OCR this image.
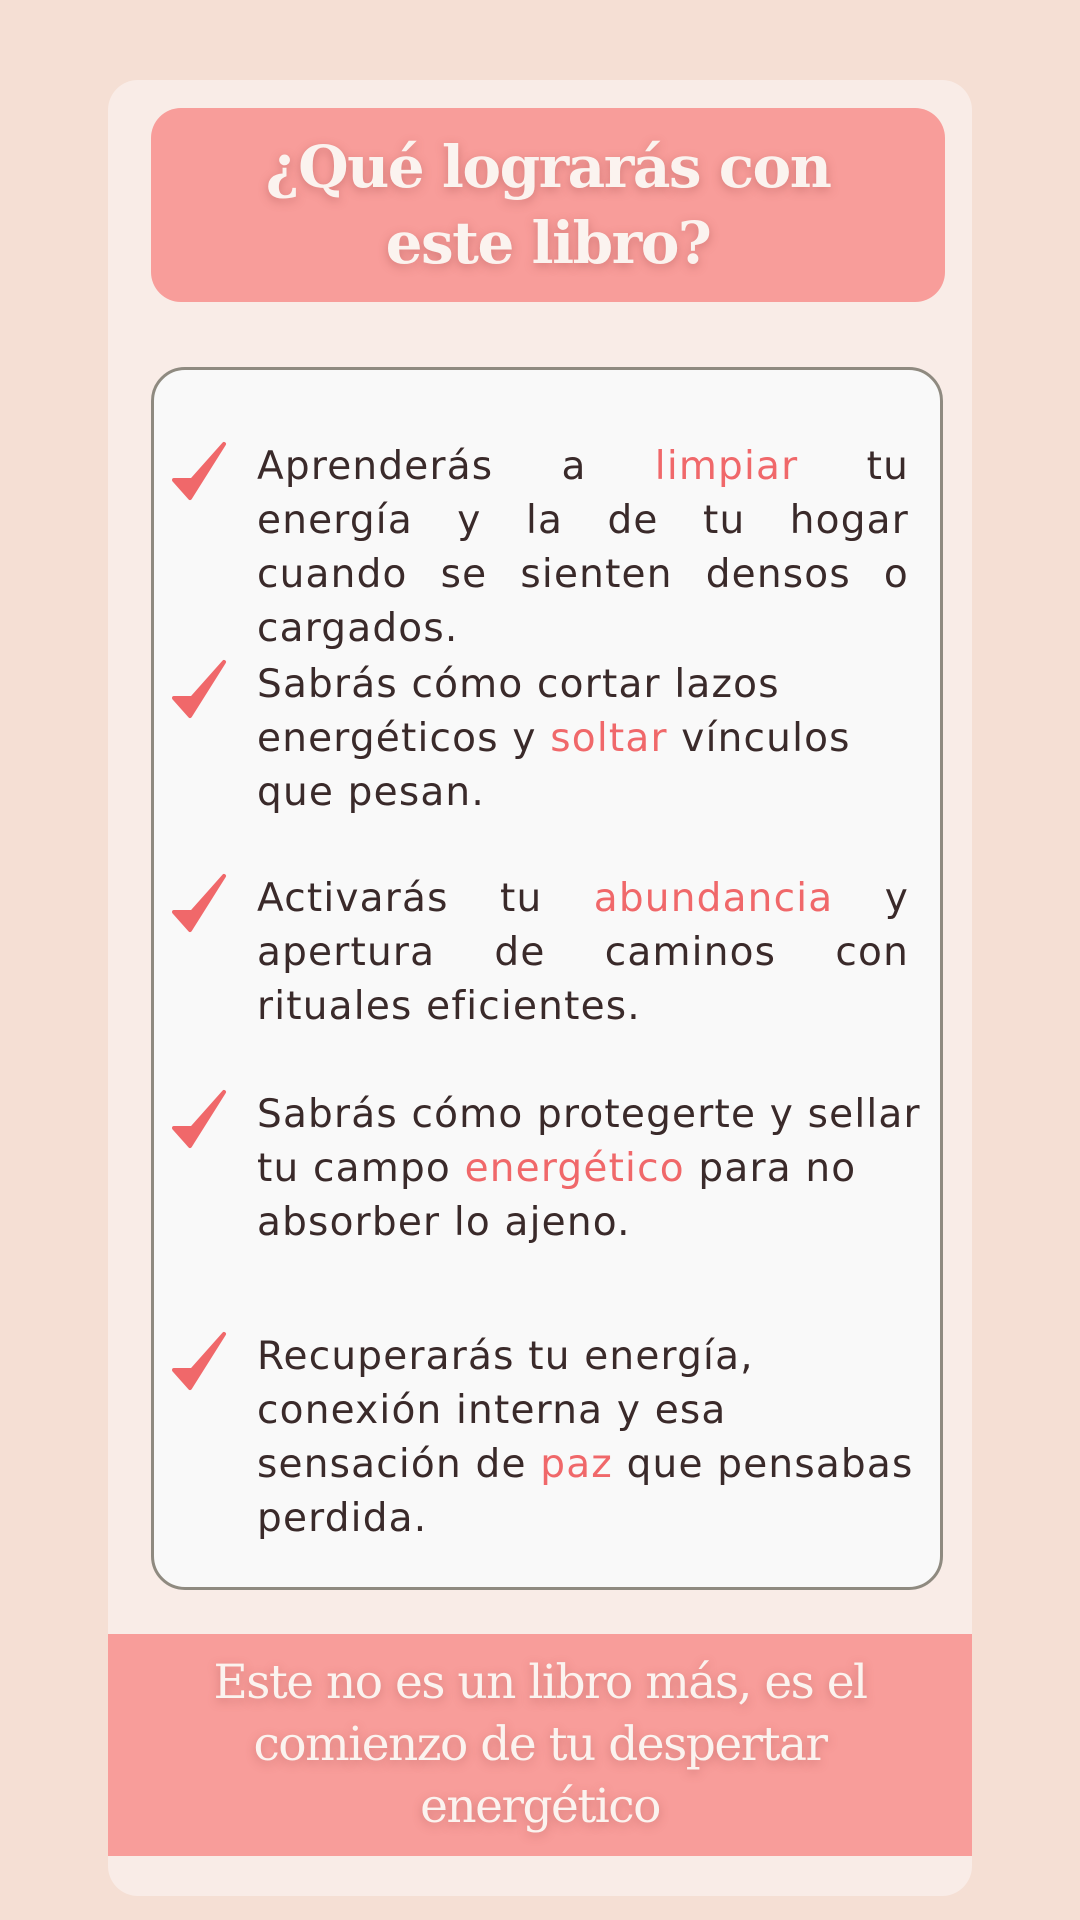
¿Qué lograrás con este libro?

Aprenderás a limpiar tu energía y la de tu hogar cuando se sienten densos o cargados.

Sabrás cómo cortar lazos energéticos y soltar vínculos que pesan.

Activarás tu abundancia y apertura de caminos con rituales eficientes.

Sabrás cómo protegerte y sellar tu campo energético para no absorber lo ajeno.

Recuperarás tu energía, conexión interna y esa sensación de paz que pensabas perdida.

Este no es un libro más, es el comienzo de tu despertar energético
